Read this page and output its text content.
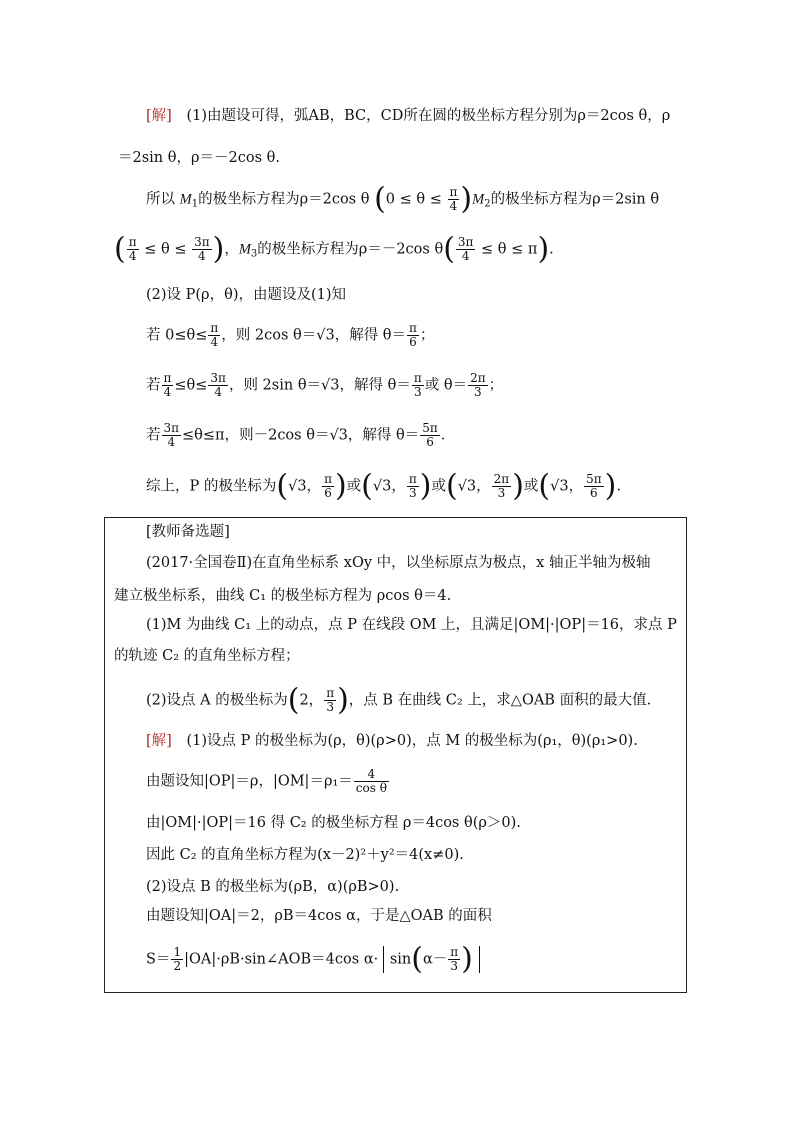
[解] (1)由题设可得，弧AB，BC，CD所在圆的极坐标方程分别为ρ＝2cos θ，ρ
＝2sin θ，ρ＝－2cos θ.
所以 $M_1$的极坐标方程为ρ＝2cos θ $(0 \le \theta \le \frac{\pi}{4} )M_2$的极坐标方程为ρ＝2sin θ
( $\frac{\pi}{4} \le \theta \le \frac{3\pi}{4}$ )，$M_3$的极坐标方程为ρ＝－2cos $\theta( \frac{3\pi}{4} \le \theta \le \pi)$.
(2)设 P(ρ，θ)，由题设及(1)知
若 $0\le\theta\le \frac{\pi}{4}$ ，则 2cos θ＝√3，解得 $\theta= \frac{\pi}{6}$ ；
若 $\frac{\pi}{4} \le\theta\le \frac{3\pi}{4}$ ，则 2sin θ＝√3，解得 $\theta= \frac{\pi}{3}$ 或 $\theta= \frac{2\pi}{3}$ ；
若 $\frac{3\pi}{4} \le\theta\le\pi$，则－2cos θ＝√3，解得 $\theta= \frac{5\pi}{6}$ .
综上，P 的极坐标为(√3， $\frac{\pi}{6}$ )或(√3， $\frac{\pi}{3}$ )或(√3， $\frac{2\pi}{3}$ )或(√3， $\frac{5\pi}{6}$ ).
[教师备选题]
(2017·全国卷Ⅱ)在直角坐标系 xOy 中，以坐标原点为极点，x 轴正半轴为极轴
建立极坐标系，曲线 C₁ 的极坐标方程为 ρcos θ＝4.
(1)M 为曲线 C₁ 上的动点，点 P 在线段 OM 上，且满足|OM|·|OP|＝16，求点 P
的轨迹 C₂ 的直角坐标方程；
(2)设点 A 的极坐标为(2， $\frac{\pi}{3}$ )，点 B 在曲线 C₂ 上，求△OAB 面积的最大值.
[解] (1)设点 P 的极坐标为(ρ，θ)(ρ>0)，点 M 的极坐标为(ρ₁，θ)(ρ₁>0).
由题设知|OP|＝ρ，$|OM|=\rho_1= \frac{4}{\text{cos θ}}$
由|OM|·|OP|＝16 得 C₂ 的极坐标方程 ρ＝4cos θ(ρ＞0).
因此 C₂ 的直角坐标方程为(x－2)²＋y²＝4(x≠0).
(2)设点 B 的极坐标为(ρB，α)(ρB>0).
由题设知|OA|＝2，ρB＝4cos α，于是△OAB 的面积
$S= \frac{1}{2}$ |OA|·ρB·sin∠AOB＝4cos $\alpha\cdot \sin(\alpha- \frac{\pi}{3}$ )
